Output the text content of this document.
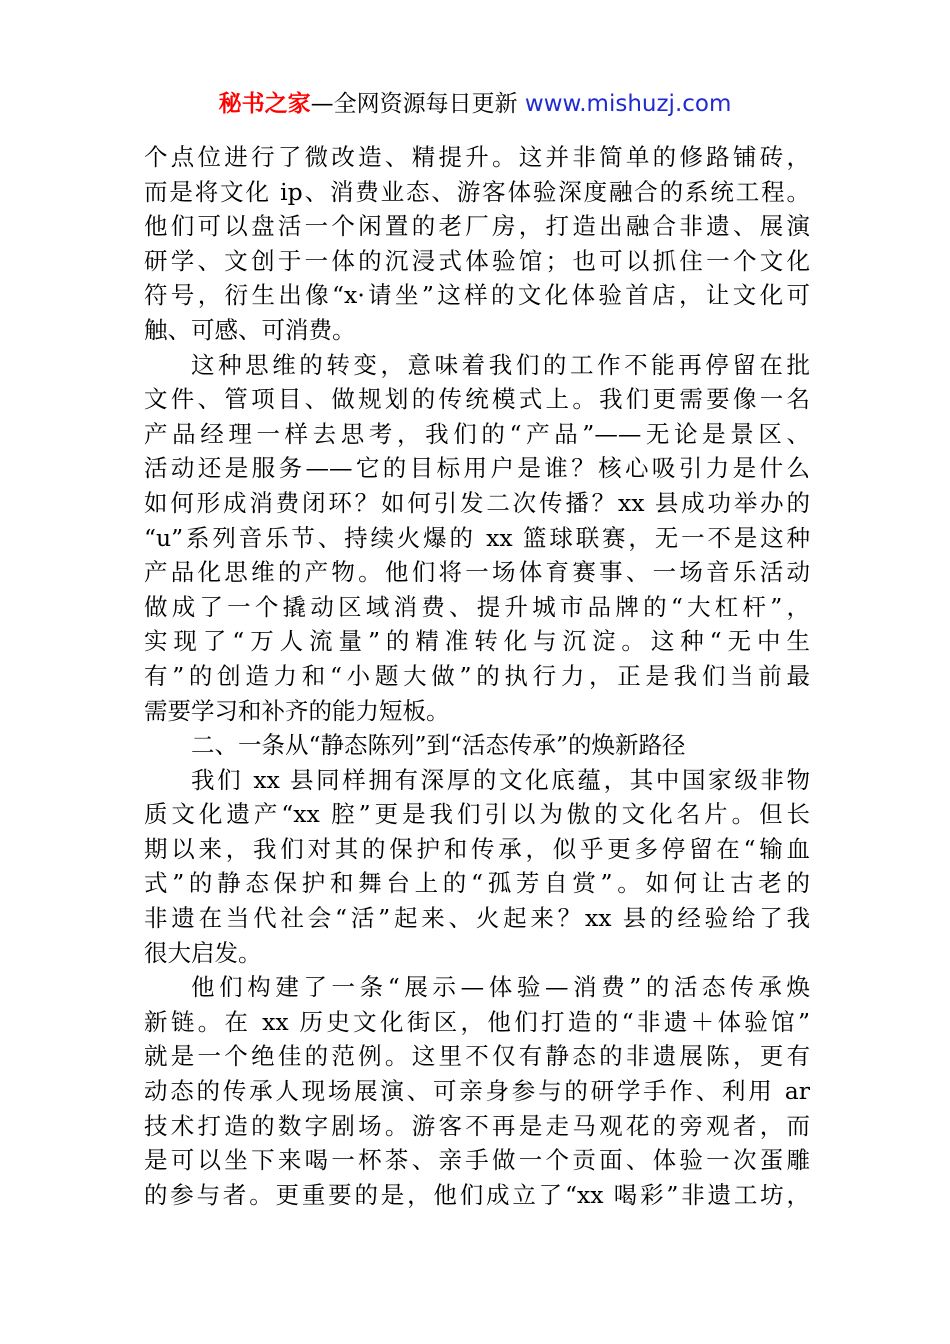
秘书之家—全网资源每日更新 www.mishuzj.com
个点位进行了微改造、精提升。这并非简单的修路铺砖，
而是将文化 ip、消费业态、游客体验深度融合的系统工程。
他们可以盘活一个闲置的老厂房，打造出融合非遗、展演
研学、文创于一体的沉浸式体验馆；也可以抓住一个文化
符号，衍生出像“x·请坐”这样的文化体验首店，让文化可
触、可感、可消费。
这种思维的转变，意味着我们的工作不能再停留在批
文件、管项目、做规划的传统模式上。我们更需要像一名
产品经理一样去思考，我们的“产品”——无论是景区、
活动还是服务——它的目标用户是谁？核心吸引力是什么
如何形成消费闭环？如何引发二次传播？xx 县成功举办的
“u”系列音乐节、持续火爆的 xx 篮球联赛，无一不是这种
产品化思维的产物。他们将一场体育赛事、一场音乐活动
做成了一个撬动区域消费、提升城市品牌的“大杠杆”，
实现了“万人流量”的精准转化与沉淀。这种“无中生
有”的创造力和“小题大做”的执行力，正是我们当前最
需要学习和补齐的能力短板。
二、一条从“静态陈列”到“活态传承”的焕新路径
我们 xx 县同样拥有深厚的文化底蕴，其中国家级非物
质文化遗产“xx 腔”更是我们引以为傲的文化名片。但长
期以来，我们对其的保护和传承，似乎更多停留在“输血
式”的静态保护和舞台上的“孤芳自赏”。如何让古老的
非遗在当代社会“活”起来、火起来？xx 县的经验给了我
很大启发。
他们构建了一条“展示—体验—消费”的活态传承焕
新链。在 xx 历史文化街区，他们打造的“非遗＋体验馆”
就是一个绝佳的范例。这里不仅有静态的非遗展陈，更有
动态的传承人现场展演、可亲身参与的研学手作、利用 ar
技术打造的数字剧场。游客不再是走马观花的旁观者，而
是可以坐下来喝一杯茶、亲手做一个贡面、体验一次蛋雕
的参与者。更重要的是，他们成立了“xx 喝彩”非遗工坊，
